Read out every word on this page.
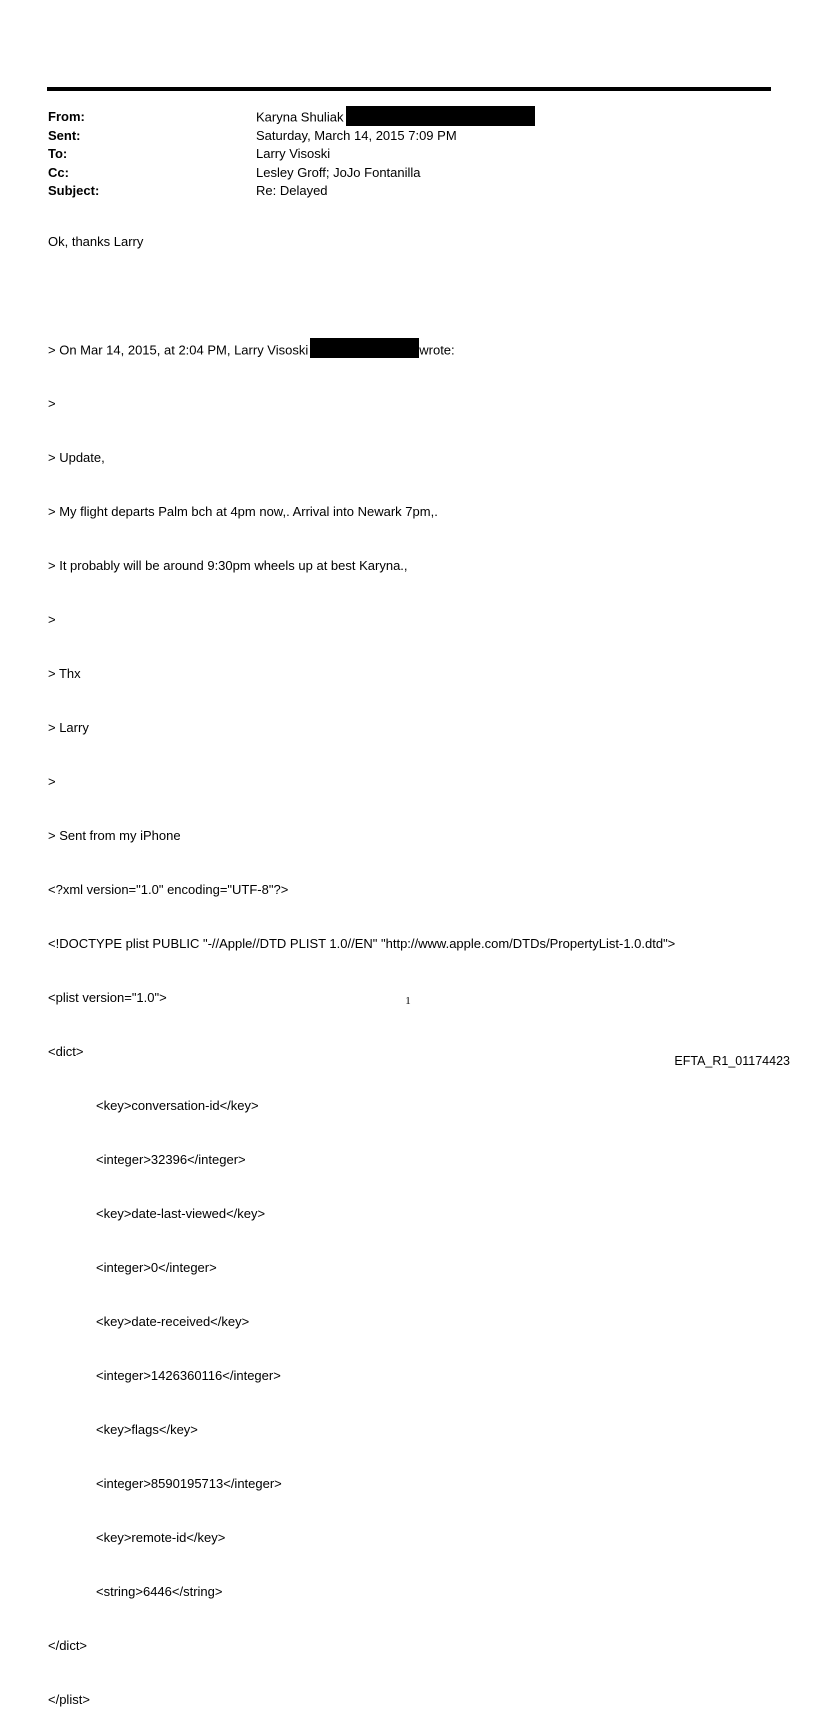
From:	Karyna Shuliak
Sent:	Saturday, March 14, 2015 7:09 PM
To:	Larry Visoski
Cc:	Lesley Groff; JoJo Fontanilla
Subject:	Re: Delayed
Ok, thanks Larry

> On Mar 14, 2015, at 2:04 PM, Larry Visoski	wrote:

>

> Update,

> My flight departs Palm bch at 4pm now,. Arrival into Newark 7pm,.

> It probably will be around 9:30pm wheels up at best Karyna.,

>

> Thx

> Larry

>

> Sent from my iPhone

<?xml version="1.0" encoding="UTF-8"?>

<!DOCTYPE plist PUBLIC "-//Apple//DTD PLIST 1.0//EN" "http://www.apple.com/DTDs/PropertyList-1.0.dtd">

<plist version="1.0">

<dict>

<key>conversation-id</key>

<integer>32396</integer>

<key>date-last-viewed</key>

<integer>0</integer>

<key>date-received</key>

<integer>1426360116</integer>

<key>flags</key>

<integer>8590195713</integer>

<key>remote-id</key>

<string>6446</string>

</dict>

</plist>

1
EFTA_R1_01174423
